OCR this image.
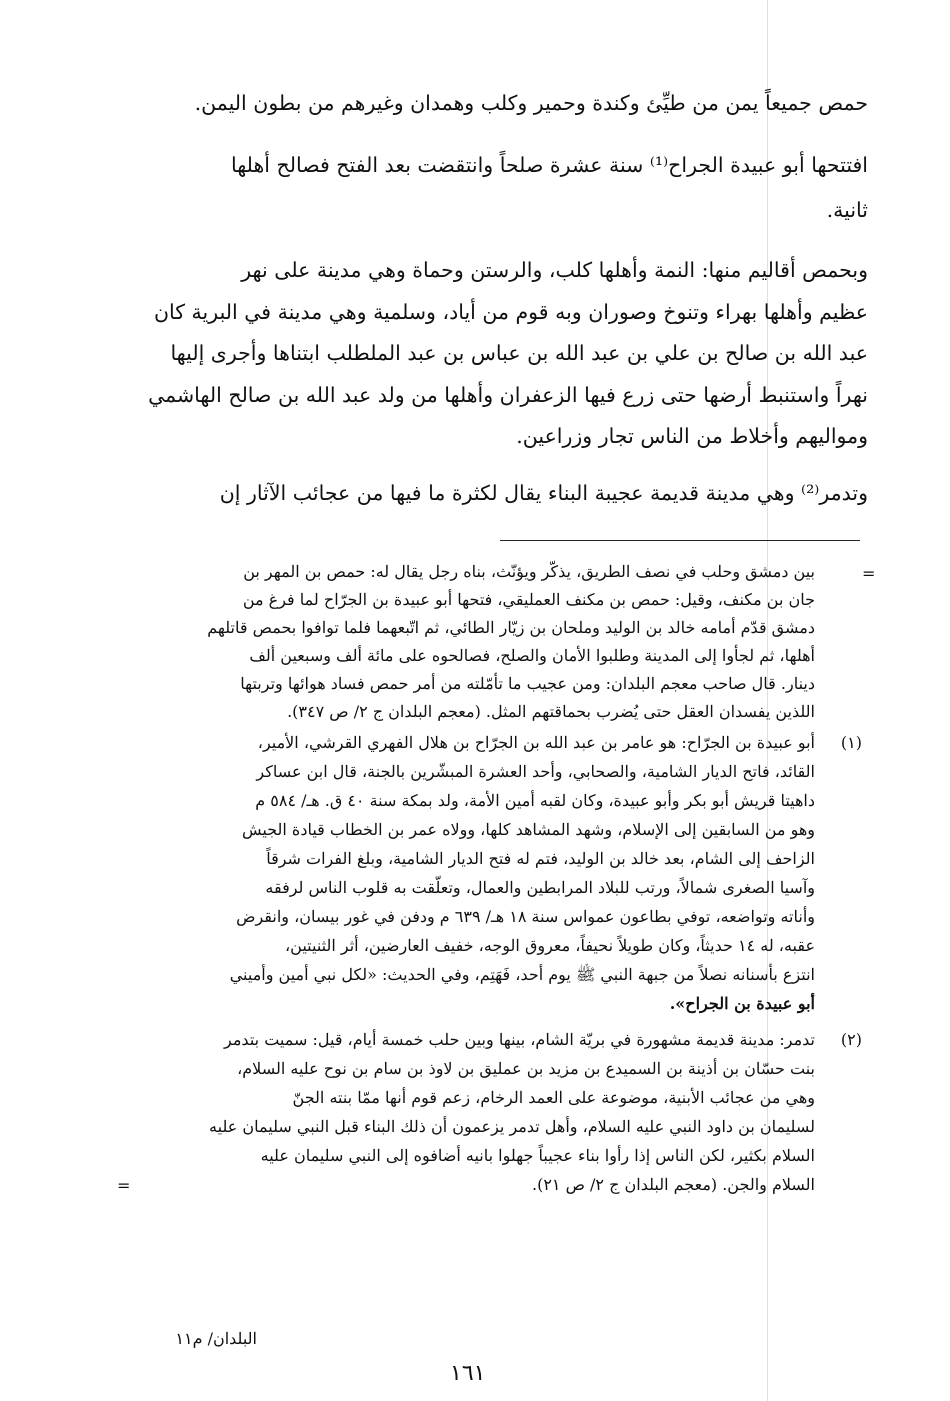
حمص جميعاً يمن من طيِّئ وكندة وحمير وكلب وهمدان وغيرهم من بطون اليمن.
افتتحها أبو عبيدة الجراح⁽¹⁾ سنة عشرة صلحاً وانتقضت بعد الفتح فصالح أهلها
ثانية.
وبحمص أقاليم منها: النمة وأهلها كلب، والرستن وحماة وهي مدينة على نهر
عظيم وأهلها بهراء وتنوخ وصوران وبه قوم من أياد، وسلمية وهي مدينة في البرية كان
عبد الله بن صالح بن علي بن عبد الله بن عباس بن عبد الملطلب ابتناها وأجرى إليها
نهراً واستنبط أرضها حتى زرع فيها الزعفران وأهلها من ولد عبد الله بن صالح الهاشمي
ومواليهم وأخلاط من الناس تجار وزراعين.
وتدمر⁽²⁾ وهي مدينة قديمة عجيبة البناء يقال لكثرة ما فيها من عجائب الآثار إن
=
بين دمشق وحلب في نصف الطريق، يذكّر ويؤنّث، بناه رجل يقال له: حمص بن المهر بن
جان بن مكنف، وقيل: حمص بن مكنف العمليقي، فتحها أبو عبيدة بن الجرّاح لما فرغ من
دمشق قدّم أمامه خالد بن الوليد وملحان بن زيّار الطائي، ثم اتّبعهما فلما توافوا بحمص قاتلهم
أهلها، ثم لجأوا إلى المدينة وطلبوا الأمان والصلح، فصالحوه على مائة ألف وسبعين ألف
دينار. قال صاحب معجم البلدان: ومن عجيب ما تأمّلته من أمر حمص فساد هوائها وتربتها
اللذين يفسدان العقل حتى يُضرب بحماقتهم المثل. (معجم البلدان ج ٢/ ص ٣٤٧).
(١)
أبو عبيدة بن الجرّاح: هو عامر بن عبد الله بن الجرّاح بن هلال الفهري القرشي، الأمير،
القائد، فاتح الديار الشامية، والصحابي، وأحد العشرة المبشّرين بالجنة، قال ابن عساكر
داهيتا قريش أبو بكر وأبو عبيدة، وكان لقبه أمين الأمة، ولد بمكة سنة ٤٠ ق. هـ/ ٥٨٤ م
وهو من السابقين إلى الإسلام، وشهد المشاهد كلها، وولاه عمر بن الخطاب قيادة الجيش
الزاحف إلى الشام، بعد خالد بن الوليد، فتم له فتح الديار الشامية، وبلغ الفرات شرقاً
وآسيا الصغرى شمالاً، ورتب للبلاد المرابطين والعمال، وتعلّقت به قلوب الناس لرفقه
وأناته وتواضعه، توفي بطاعون عمواس سنة ١٨ هـ/ ٦٣٩ م ودفن في غور بيسان، وانقرض
عقبه، له ١٤ حديثاً، وكان طويلاً نحيفاً، معروق الوجه، خفيف العارضين، أثر الثنيتين،
انتزع بأسنانه نصلاً من جبهة النبي ﷺ يوم أحد، فَهَتِم، وفي الحديث: «لكل نبي أمين وأميني
أبو عبيدة بن الجراح».
(٢)
تدمر: مدينة قديمة مشهورة في بريّة الشام، بينها وبين حلب خمسة أيام، قيل: سميت بتدمر
بنت حسّان بن أذينة بن السميدع بن مزيد بن عمليق بن لاوذ بن سام بن نوح عليه السلام،
وهي من عجائب الأبنية، موضوعة على العمد الرخام، زعم قوم أنها ممّا بنته الجنّ
لسليمان بن داود النبي عليه السلام، وأهل تدمر يزعمون أن ذلك البناء قبل النبي سليمان عليه
السلام بكثير، لكن الناس إذا رأوا بناء عجيباً جهلوا بانيه أضافوه إلى النبي سليمان عليه
السلام والجن. (معجم البلدان ج ٢/ ص ٢١).
=
البلدان/ م١١
١٦١
